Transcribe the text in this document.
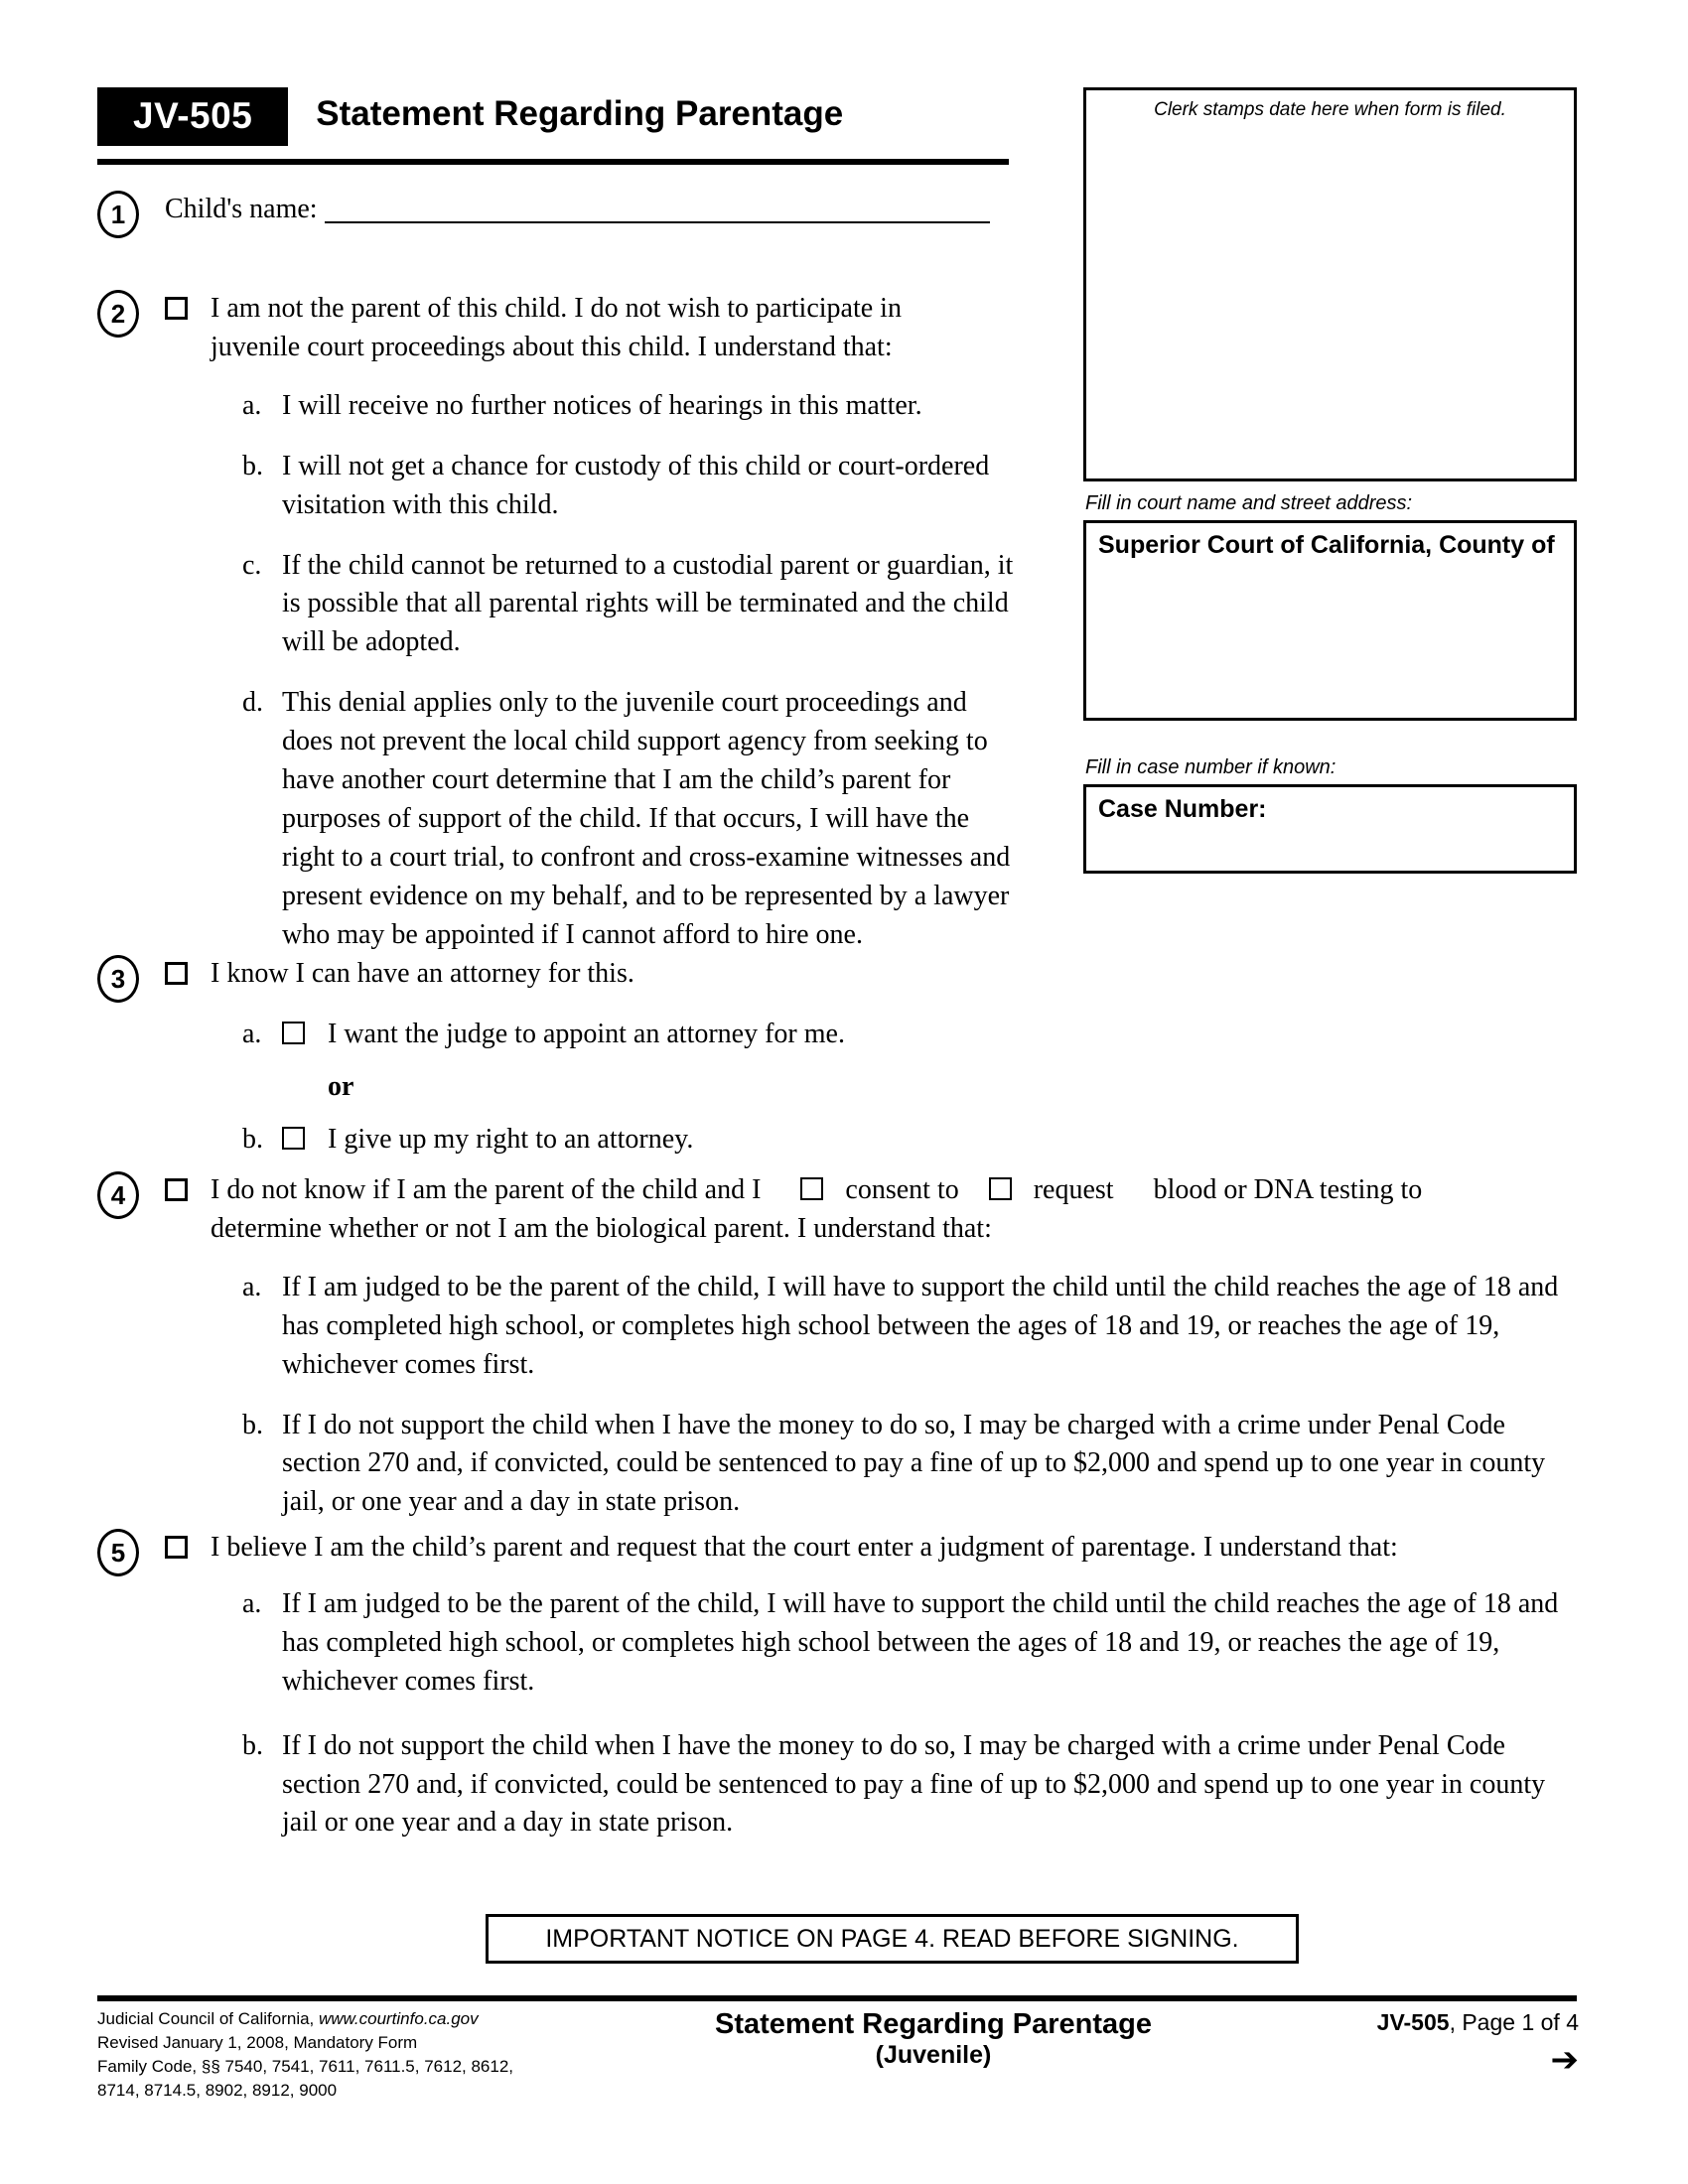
JV-505 Statement Regarding Parentage	Clerk stamps date here when form is filed.
Fill in court name and street address:
Superior Court of California, County of
Fill in case number if known:
Case Number:
1	Child's name:
2	I am not the parent of this child. I do not wish to participate in
juvenile court proceedings about this child. I understand that:
a. I will receive no further notices of hearings in this matter.
b. I will not get a chance for custody of this child or court-ordered visitation with this child.
c. If the child cannot be returned to a custodial parent or guardian, it is possible that all parental rights will be terminated and the child will be adopted.
d. This denial applies only to the juvenile court proceedings and does not prevent the local child support agency from seeking to have another court determine that I am the child’s parent for purposes of support of the child. If that occurs, I will have the right to a court trial, to confront and cross-examine witnesses and present evidence on my behalf, and to be represented by a lawyer who may be appointed if I cannot afford to hire one.
3	I know I can have an attorney for this.
a.	I want the judge to appoint an attorney for me.
or
b.	I give up my right to an attorney.
4	I do not know if I am the parent of the child and I	consent to	request blood or DNA testing to
determine whether or not I am the biological parent. I understand that:
a. If I am judged to be the parent of the child, I will have to support the child until the child reaches the age of 18 and has completed high school, or completes high school between the ages of 18 and 19, or reaches the age of 19, whichever comes first.
b. If I do not support the child when I have the money to do so, I may be charged with a crime under Penal Code section 270 and, if convicted, could be sentenced to pay a fine of up to $2,000 and spend up to one year in county jail, or one year and a day in state prison.
5	I believe I am the child’s parent and request that the court enter a judgment of parentage. I understand that:
a. If I am judged to be the parent of the child, I will have to support the child until the child reaches the age of 18 and has completed high school, or completes high school between the ages of 18 and 19, or reaches the age of 19, whichever comes first.
b. If I do not support the child when I have the money to do so, I may be charged with a crime under Penal Code section 270 and, if convicted, could be sentenced to pay a fine of up to $2,000 and spend up to one year in county jail or one year and a day in state prison.
IMPORTANT NOTICE ON PAGE 4. READ BEFORE SIGNING.
Judicial Council of California, www.courtinfo.ca.gov
Revised January 1, 2008, Mandatory Form
Family Code, §§ 7540, 7541, 7611, 7611.5, 7612, 8612,
8714, 8714.5, 8902, 8912, 9000
Statement Regarding Parentage
(Juvenile)
JV-505, Page 1 of 4
➔
